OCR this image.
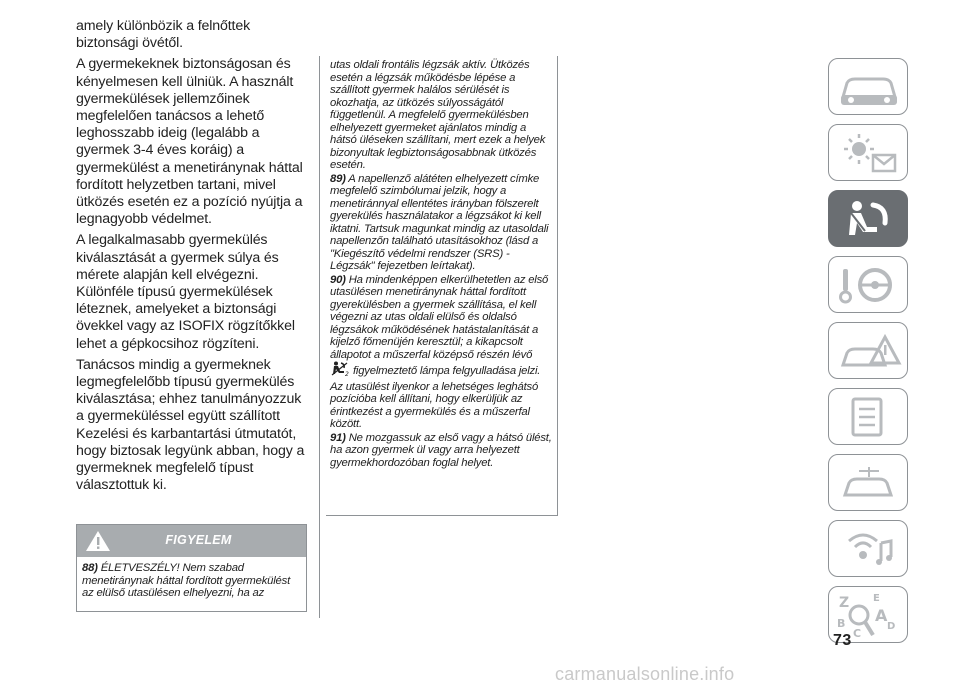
amely különbözik a felnőttek biztonsági övétől.

A gyermekeknek biztonságosan és kényelmesen kell ülniük. A használt gyermekülések jellemzőinek megfelelően tanácsos a lehető leghosszabb ideig (legalább a gyermek 3-4 éves koráig) a gyermekülést a menetiránynak háttal fordított helyzetben tartani, mivel ütközés esetén ez a pozíció nyújtja a legnagyobb védelmet.

A legalkalmasabb gyermekülés kiválasztását a gyermek súlya és mérete alapján kell elvégezni. Különféle típusú gyermekülések léteznek, amelyeket a biztonsági övekkel vagy az ISOFIX rögzítőkkel lehet a gépkocsihoz rögzíteni.

Tanácsos mindig a gyermeknek legmegfelelőbb típusú gyermekülés kiválasztása; ehhez tanulmányozzuk a gyermeküléssel együtt szállított Kezelési és karbantartási útmutatót, hogy biztosak legyünk abban, hogy a gyermeknek megfelelő típust választottuk ki.

FIGYELEM
88) ÉLETVESZÉLY! Nem szabad menetiránynak háttal fordított gyermekülést az elülső utasülésen elhelyezni, ha az

utas oldali frontális légzsák aktív. Ütközés esetén a légzsák működésbe lépése a szállított gyermek halálos sérülését is okozhatja, az ütközés súlyosságától függetlenül. A megfelelő gyermekülésben elhelyezett gyermeket ajánlatos mindig a hátsó üléseken szállítani, mert ezek a helyek bizonyultak legbiztonságosabbnak ütközés esetén.

89) A napellenző alátéten elhelyezett címke megfelelő szimbólumai jelzik, hogy a menetiránnyal ellentétes irányban fölszerelt gyerekülés használatakor a légzsákot ki kell iktatni. Tartsuk magunkat mindig az utasoldali napellenzőn található utasításokhoz (lásd a "Kiegészítő védelmi rendszer (SRS) - Légzsák" fejezetben leírtakat).

90) Ha mindenképpen elkerülhetetlen az első utasülésen menetiránynak háttal fordított gyerekülésben a gyermek szállítása, el kell végezni az utas oldali elülső és oldalsó légzsákok működésének hatástalanítását a kijelző főmenüjén keresztül; a kikapcsolt állapotot a műszerfal középső részén lévő
2 figyelmeztető lámpa felgyulladása jelzi. Az utasülést ilyenkor a lehetséges leghátsó pozícióba kell állítani, hogy elkerüljük az érintkezést a gyermekülés és a műszerfal között.

91) Ne mozgassuk az első vagy a hátsó ülést, ha azon gyermek ül vagy arra helyezett gyermekhordozóban foglal helyet.

Z E
B A
C
D
73
carmanualsonline.info
